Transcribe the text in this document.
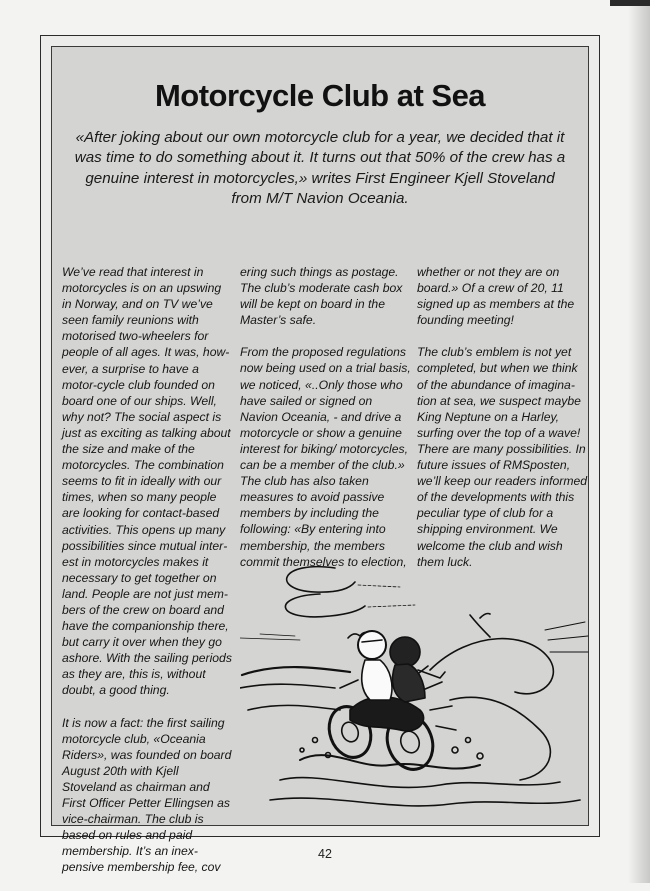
Motorcycle Club at Sea

«After joking about our own motorcycle club for a year, we decided that it was time to do something about it. It turns out that 50% of the crew has a genuine interest in motorcycles,» writes First Engineer Kjell Stoveland from M/T Navion Oceania.

We’ve read that interest in motorcycles is on an upswing in Norway, and on TV we’ve seen family reunions with motorised two-wheelers for people of all ages. It was, however, a surprise to have a motor-cycle club founded on board one of our ships. Well, why not? The social aspect is just as exciting as talking about the size and make of the motorcycles. The combination seems to fit in ideally with our times, when so many people are looking for contact-based activities. This opens up many possibilities since mutual interest in motorcycles makes it necessary to get together on land. People are not just members of the crew on board and have the companionship there, but carry it over when they go ashore. With the sailing periods as they are, this is, without doubt, a good thing.

It is now a fact: the first sailing motorcycle club, «Oceania Riders», was founded on board August 20th with Kjell Stoveland as chairman and First Officer Petter Ellingsen as vice-chairman. The club is based on rules and paid membership. It’s an inexpensive membership fee, cov

ering such things as postage. The club’s moderate cash box will be kept on board in the Master’s safe.

From the proposed regulations now being used on a trial basis, we noticed, «..Only those who have sailed or signed on Navion Oceania, - and drive a motorcycle or show a genuine interest for biking/ motorcycles, can be a member of the club.» The club has also taken measures to avoid passive members by including the following: «By entering into membership, the members commit themselves to election,

whether or not they are on board.» Of a crew of 20, 11 signed up as members at the founding meeting!

The club’s emblem is not yet completed, but when we think of the abundance of imagination at sea, we suspect maybe King Neptune on a Harley, surfing over the top of a wave! There are many possibilities. In future issues of RMSposten, we’ll keep our readers informed of the developments with this peculiar type of club for a shipping environment. We welcome the club and wish them luck.

42
